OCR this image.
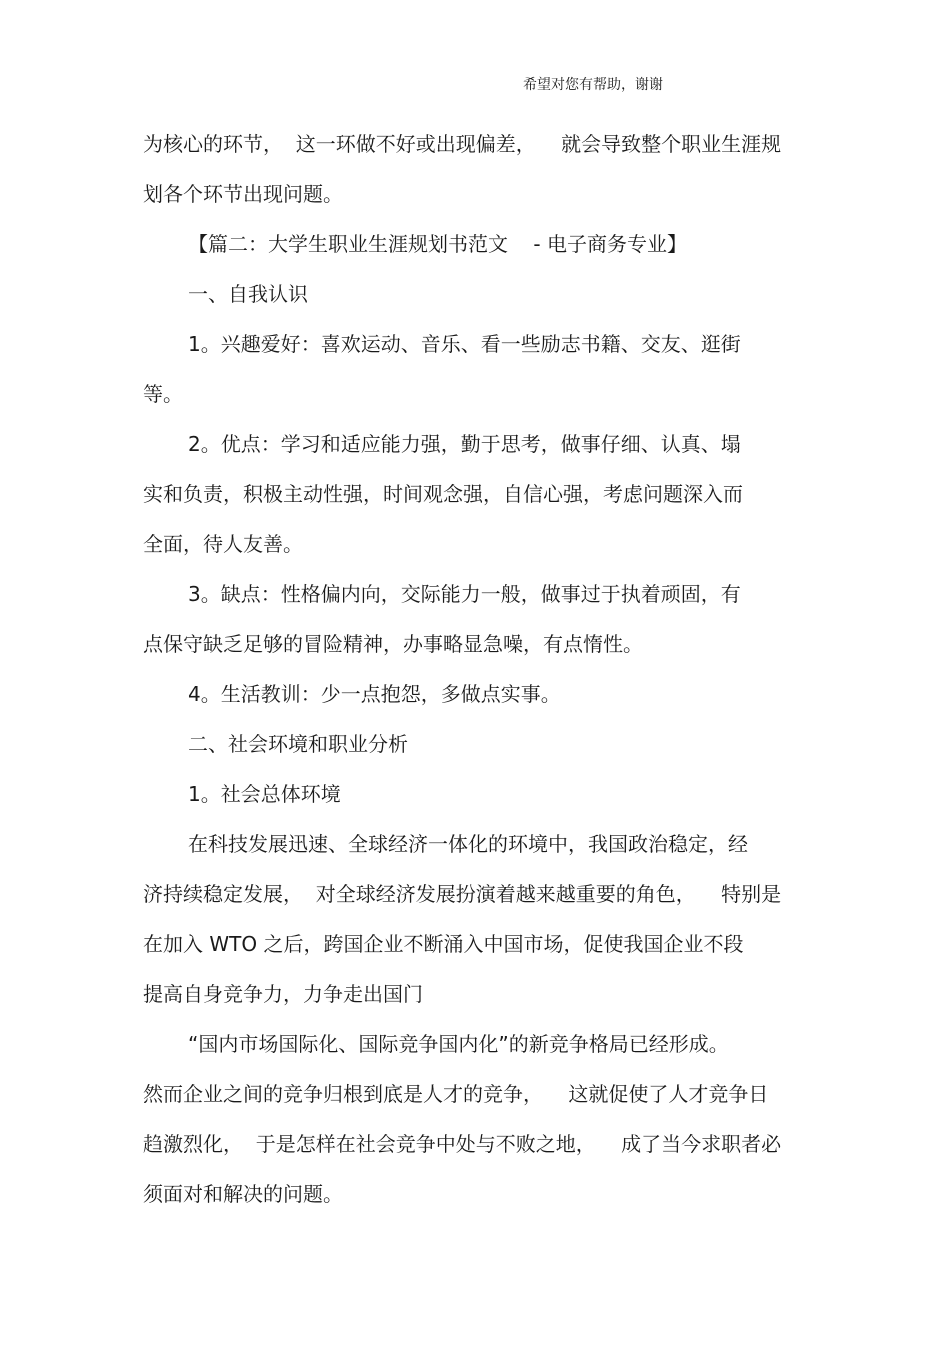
希望对您有帮助，谢谢
为核心的环节，  这一环做不好或出现偏差，    就会导致整个职业生涯规
划各个环节出现问题。
【篇二：大学生职业生涯规划书范文    - 电子商务专业】
一、自我认识
1。兴趣爱好：喜欢运动、音乐、看一些励志书籍、交友、逛街
等。
2。优点：学习和适应能力强，勤于思考，做事仔细、认真、塌
实和负责，积极主动性强，时间观念强，自信心强，考虑问题深入而
全面，待人友善。
3。缺点：性格偏内向，交际能力一般，做事过于执着顽固，有
点保守缺乏足够的冒险精神，办事略显急噪，有点惰性。
4。生活教训：少一点抱怨，多做点实事。
二、社会环境和职业分析
1。社会总体环境
在科技发展迅速、全球经济一体化的环境中，我国政治稳定，经
济持续稳定发展，  对全球经济发展扮演着越来越重要的角色，    特别是
在加入 WTO 之后，跨国企业不断涌入中国市场，促使我国企业不段
提高自身竞争力，力争走出国门
“国内市场国际化、国际竞争国内化”的新竞争格局已经形成。
然而企业之间的竞争归根到底是人才的竞争，    这就促使了人才竞争日
趋激烈化，  于是怎样在社会竞争中处与不败之地，    成了当今求职者必
须面对和解决的问题。
